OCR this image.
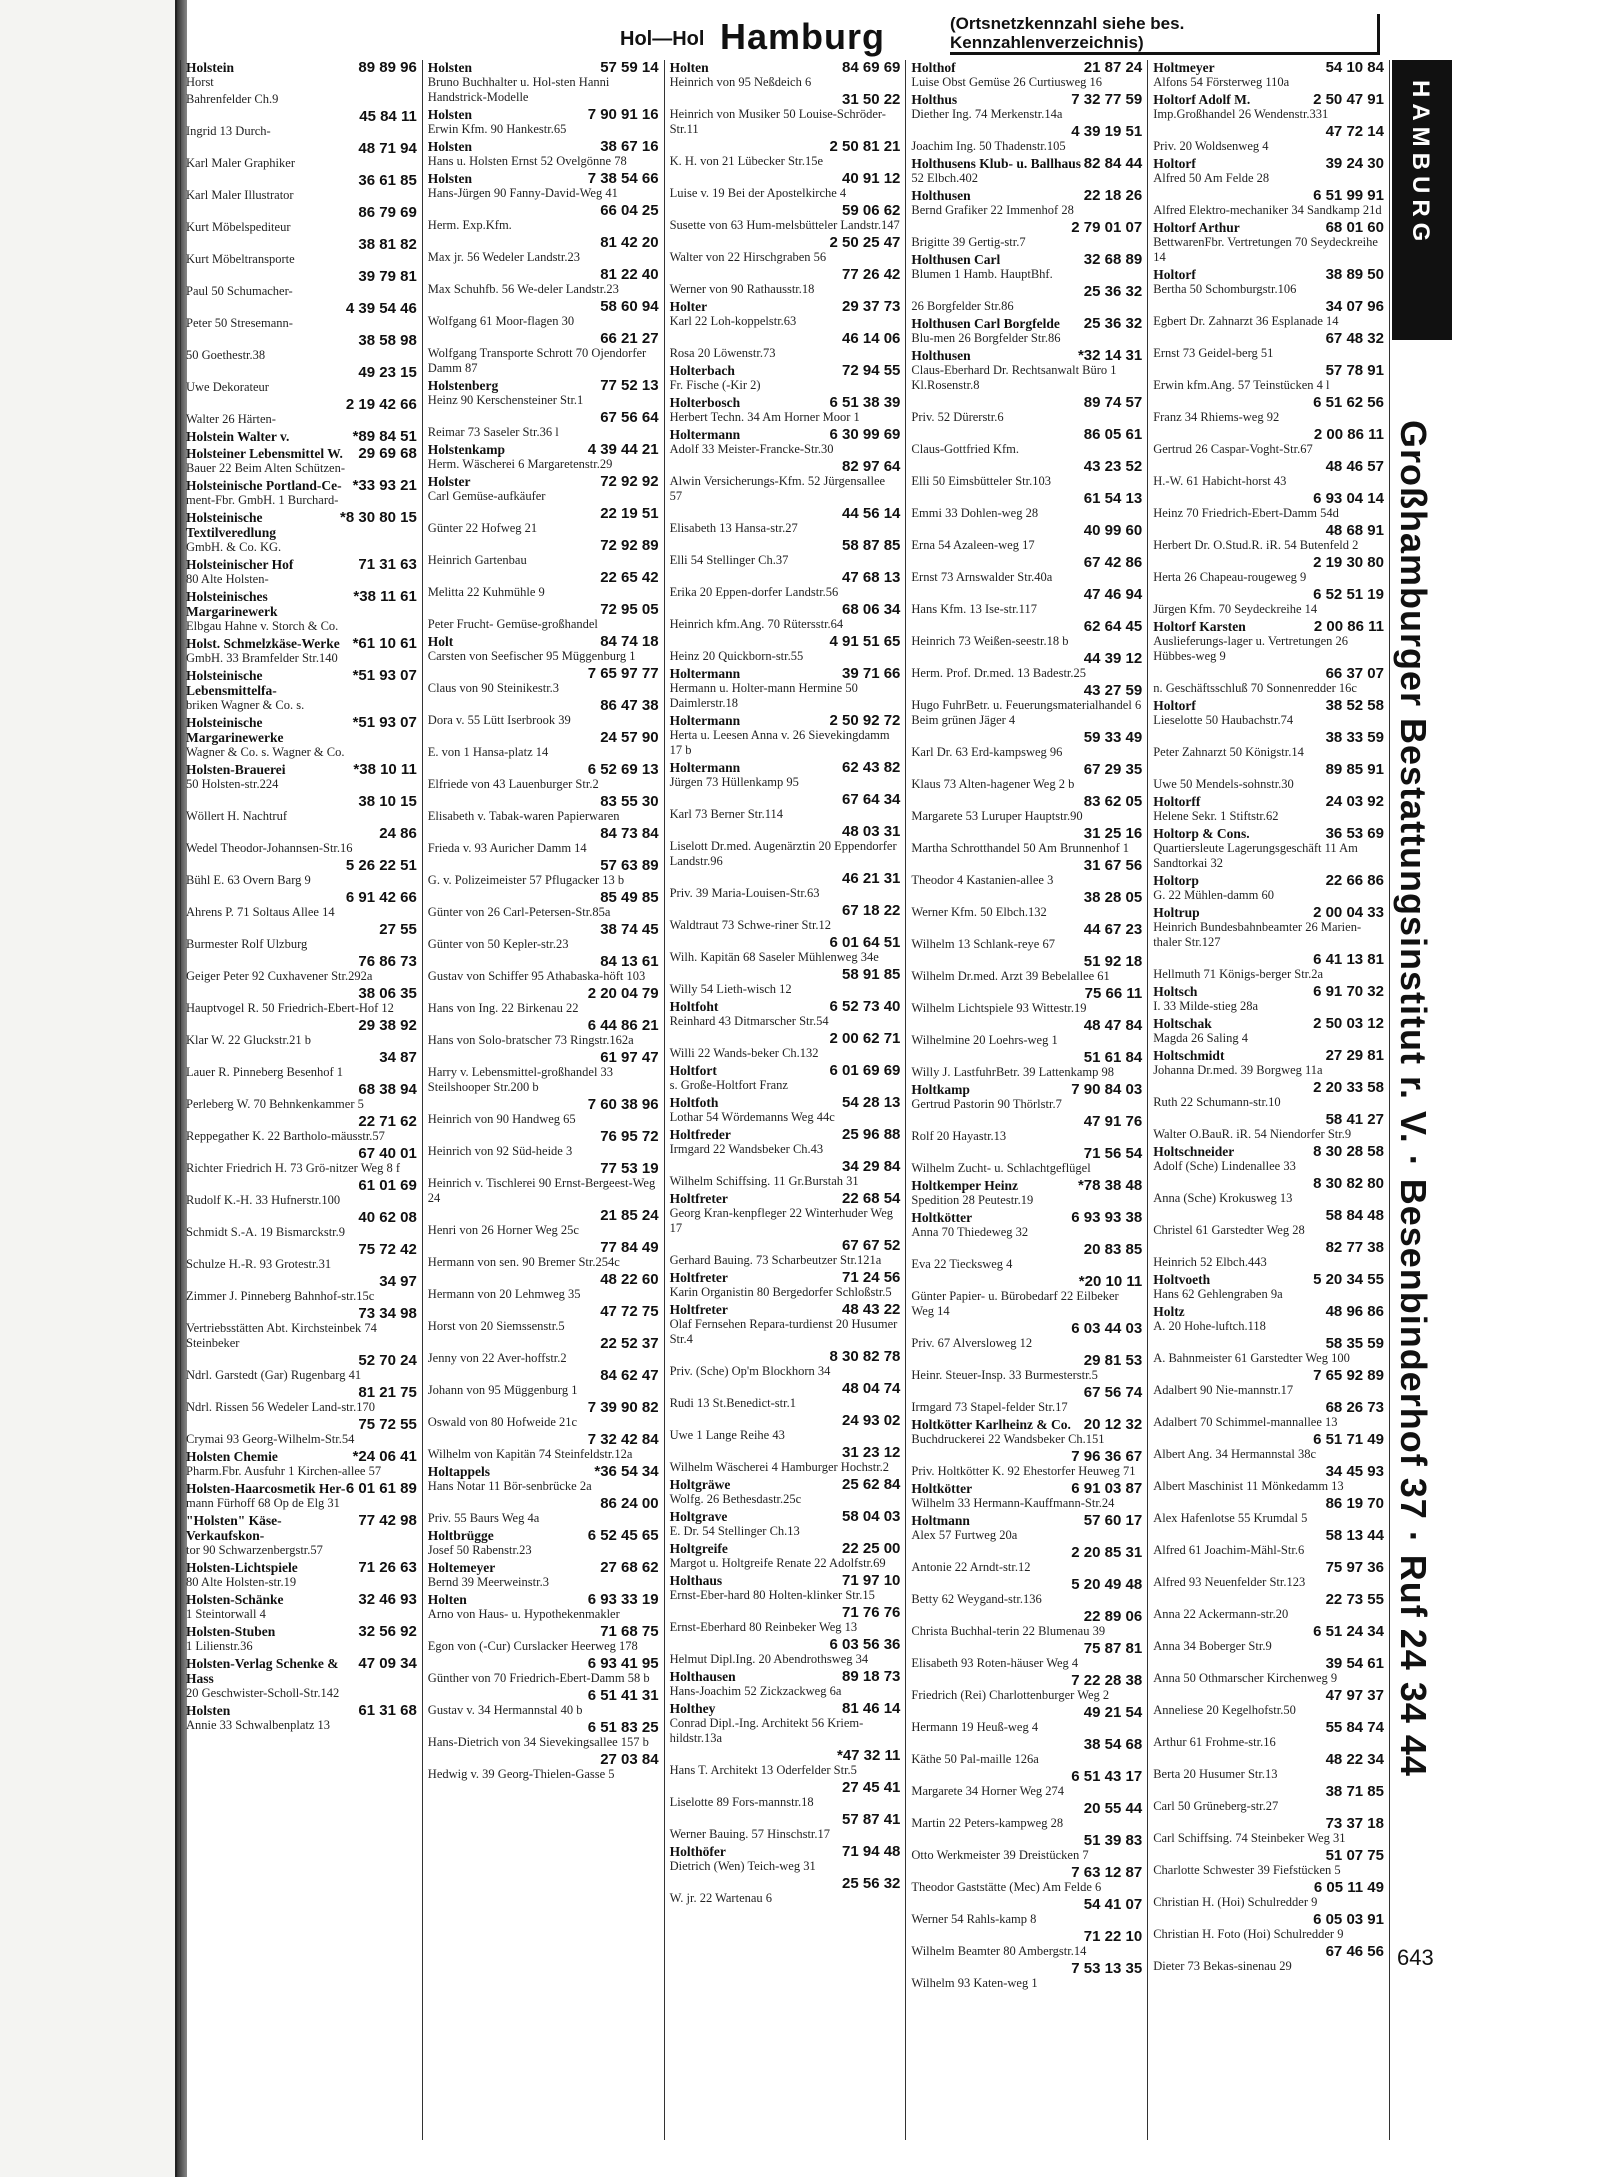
Hol—Hol Hamburg	(Ortsnetzkennzahl siehe bes. Kennzahlenverzeichnis)
89 89 96
Holstein
Horst
Bahrenfelder Ch.9
45 84 11
Ingrid 13 Durch-
48 71 94
Karl Maler Graphiker
36 61 85
Karl Maler Illustrator
86 79 69
Kurt Möbelspediteur
38 81 82
Kurt Möbeltransporte
39 79 81
Paul 50 Schumacher-
4 39 54 46
Peter 50 Stresemann-
38 58 98
50 Goethestr.38
49 23 15
Uwe Dekorateur
2 19 42 66
Walter 26 Härten-
*89 84 51
Holstein Walter v.
29 69 68
Holsteiner Lebensmittel W.
Bauer 22 Beim Alten Schützen-
*33 93 21
Holsteinische Portland-Ce-
ment-Fbr. GmbH. 1 Burchard-
*8 30 80 15
Holsteinische Textilveredlung
GmbH. & Co. KG.
71 31 63
Holsteinischer Hof
80 Alte Holsten-
*38 11 61
Holsteinisches Margarinewerk
Elbgau Hahne v. Storch & Co.
*61 10 61
Holst. Schmelzkäse-Werke
GmbH. 33 Bramfelder Str.140
*51 93 07
Holsteinische Lebensmittelfa-
briken Wagner & Co. s.
*51 93 07
Holsteinische Margarinewerke
Wagner & Co. s. Wagner & Co.
*38 10 11
Holsten-Brauerei
50 Holsten-str.224
38 10 15
Wöllert H. Nachtruf
24 86
Wedel Theodor-Johannsen-Str.16
5 26 22 51
Bühl E. 63 Overn Barg 9
6 91 42 66
Ahrens P. 71 Soltaus Allee 14
27 55
Burmester Rolf Ulzburg
76 86 73
Geiger Peter 92 Cuxhavener Str.292a
38 06 35
Hauptvogel R. 50 Friedrich-Ebert-Hof 12
29 38 92
Klar W. 22 Gluckstr.21 b
34 87
Lauer R. Pinneberg Besenhof 1
68 38 94
Perleberg W. 70 Behnkenkammer 5
22 71 62
Reppegather K. 22 Bartholo-mäusstr.57
67 40 01
Richter Friedrich H. 73 Grö-nitzer Weg 8 f
61 01 69
Rudolf K.-H. 33 Hufnerstr.100
40 62 08
Schmidt S.-A. 19 Bismarckstr.9
75 72 42
Schulze H.-R. 93 Grotestr.31
34 97
Zimmer J. Pinneberg Bahnhof-str.15c
73 34 98
Vertriebsstätten Abt. Kirchsteinbek 74 Steinbeker
52 70 24
Ndrl. Garstedt (Gar) Rugenbarg 41
81 21 75
Ndrl. Rissen 56 Wedeler Land-str.170
75 72 55
Crymai 93 Georg-Wilhelm-Str.54
*24 06 41
Holsten Chemie
Pharm.Fbr. Ausfuhr 1 Kirchen-allee 57
6 01 61 89
Holsten-Haarcosmetik Her-
mann Fürhoff 68 Op de Elg 31
77 42 98
"Holsten" Käse-Verkaufskon-
tor 90 Schwarzenbergstr.57
71 26 63
Holsten-Lichtspiele
80 Alte Holsten-str.19
32 46 93
Holsten-Schänke
1 Steintorwall 4
32 56 92
Holsten-Stuben
1 Lilienstr.36
47 09 34
Holsten-Verlag Schenke & Hass
20 Geschwister-Scholl-Str.142
61 31 68
Holsten
Annie 33 Schwalbenplatz 13
57 59 14
Holsten
Bruno Buchhalter u. Hol-sten Hanni Handstrick-Modelle
7 90 91 16
Holsten
Erwin Kfm. 90 Hankestr.65
38 67 16
Holsten
Hans u. Holsten Ernst 52 Ovelgönne 78
7 38 54 66
Holsten
Hans-Jürgen 90 Fanny-David-Weg 41
66 04 25
Herm. Exp.Kfm.
81 42 20
Max jr. 56 Wedeler Landstr.23
81 22 40
Max Schuhfb. 56 We-deler Landstr.23
58 60 94
Wolfgang 61 Moor-flagen 30
66 21 27
Wolfgang Transporte Schrott 70 Ojendorfer Damm 87
77 52 13
Holstenberg
Heinz 90 Kerschensteiner Str.1
67 56 64
Reimar 73 Saseler Str.36 l
4 39 44 21
Holstenkamp
Herm. Wäscherei 6 Margaretenstr.29
72 92 92
Holster
Carl Gemüse-aufkäufer
22 19 51
Günter 22 Hofweg 21
72 92 89
Heinrich Gartenbau
22 65 42
Melitta 22 Kuhmühle 9
72 95 05
Peter Frucht- Gemüse-großhandel
84 74 18
Holt
Carsten von Seefischer 95 Müggenburg 1
7 65 97 77
Claus von 90 Steinikestr.3
86 47 38
Dora v. 55 Lütt Iserbrook 39
24 57 90
E. von 1 Hansa-platz 14
6 52 69 13
Elfriede von 43 Lauenburger Str.2
83 55 30
Elisabeth v. Tabak-waren Papierwaren
84 73 84
Frieda v. 93 Auricher Damm 14
57 63 89
G. v. Polizeimeister 57 Pflugacker 13 b
85 49 85
Günter von 26 Carl-Petersen-Str.85a
38 74 45
Günter von 50 Kepler-str.23
84 13 61
Gustav von Schiffer 95 Athabaska-höft 103
2 20 04 79
Hans von Ing. 22 Birkenau 22
6 44 86 21
Hans von Solo-bratscher 73 Ringstr.162a
61 97 47
Harry v. Lebensmittel-großhandel 33 Steilshooper Str.200 b
7 60 38 96
Heinrich von 90 Handweg 65
76 95 72
Heinrich von 92 Süd-heide 3
77 53 19
Heinrich v. Tischlerei 90 Ernst-Bergeest-Weg 24
21 85 24
Henri von 26 Horner Weg 25c
77 84 49
Hermann von sen. 90 Bremer Str.254c
48 22 60
Hermann von 20 Lehmweg 35
47 72 75
Horst von 20 Siemssenstr.5
22 52 37
Jenny von 22 Aver-hoffstr.2
84 62 47
Johann von 95 Müggenburg 1
7 39 90 82
Oswald von 80 Hofweide 21c
7 32 42 84
Wilhelm von Kapitän 74 Steinfeldstr.12a
*36 54 34
Holtappels
Hans Notar 11 Bör-senbrücke 2a
86 24 00
Priv. 55 Baurs Weg 4a
6 52 45 65
Holtbrügge
Josef 50 Rabenstr.23
27 68 62
Holtemeyer
Bernd 39 Meerweinstr.3
6 93 33 19
Holten
Arno von Haus- u. Hypothekenmakler
71 68 75
Egon von (-Cur) Curslacker Heerweg 178
6 93 41 95
Günther von 70 Friedrich-Ebert-Damm 58 b
6 51 41 31
Gustav v. 34 Hermannstal 40 b
6 51 83 25
Hans-Dietrich von 34 Sievekingsallee 157 b
27 03 84
Hedwig v. 39 Georg-Thielen-Gasse 5
84 69 69
Holten
Heinrich von 95 Neßdeich 6
31 50 22
Heinrich von Musiker 50 Louise-Schröder-Str.11
2 50 81 21
K. H. von 21 Lübecker Str.15e
40 91 12
Luise v. 19 Bei der Apostelkirche 4
59 06 62
Susette von 63 Hum-melsbütteler Landstr.147
2 50 25 47
Walter von 22 Hirschgraben 56
77 26 42
Werner von 90 Rathausstr.18
29 37 73
Holter
Karl 22 Loh-koppelstr.63
46 14 06
Rosa 20 Löwenstr.73
72 94 55
Holterbach
Fr. Fische (-Kir 2)
6 51 38 39
Holterbosch
Herbert Techn. 34 Am Horner Moor 1
6 30 99 69
Holtermann
Adolf 33 Meister-Francke-Str.30
82 97 64
Alwin Versicherungs-Kfm. 52 Jürgensallee 57
44 56 14
Elisabeth 13 Hansa-str.27
58 87 85
Elli 54 Stellinger Ch.37
47 68 13
Erika 20 Eppen-dorfer Landstr.56
68 06 34
Heinrich kfm.Ang. 70 Rütersstr.64
4 91 51 65
Heinz 20 Quickborn-str.55
39 71 66
Holtermann
Hermann u. Holter-mann Hermine 50 Daimlerstr.18
2 50 92 72
Holtermann
Herta u. Leesen Anna v. 26 Sievekingdamm 17 b
62 43 82
Holtermann
Jürgen 73 Hüllenkamp 95
67 64 34
Karl 73 Berner Str.114
48 03 31
Liselott Dr.med. Augenärztin 20 Eppendorfer Landstr.96
46 21 31
Priv. 39 Maria-Louisen-Str.63
67 18 22
Waldtraut 73 Schwe-riner Str.12
6 01 64 51
Wilh. Kapitän 68 Saseler Mühlenweg 34e
58 91 85
Willy 54 Lieth-wisch 12
6 52 73 40
Holtfoht
Reinhard 43 Ditmarscher Str.54
2 00 62 71
Willi 22 Wands-beker Ch.132
6 01 69 69
Holtfort
s. Große-Holtfort Franz
54 28 13
Holtfoth
Lothar 54 Wördemanns Weg 44c
25 96 88
Holtfreder
Irmgard 22 Wandsbeker Ch.43
34 29 84
Wilhelm Schiffsing. 11 Gr.Burstah 31
22 68 54
Holtfreter
Georg Kran-kenpfleger 22 Winterhuder Weg 17
67 67 52
Gerhard Bauing. 73 Scharbeutzer Str.121a
71 24 56
Holtfreter
Karin Organistin 80 Bergedorfer Schloßstr.5
48 43 22
Holtfreter
Olaf Fernsehen Repara-turdienst 20 Husumer Str.4
8 30 82 78
Priv. (Sche) Op'm Blockhorn 34
48 04 74
Rudi 13 St.Benedict-str.1
24 93 02
Uwe 1 Lange Reihe 43
31 23 12
Wilhelm Wäscherei 4 Hamburger Hochstr.2
25 62 84
Holtgräwe
Wolfg. 26 Bethesdastr.25c
58 04 03
Holtgrave
E. Dr. 54 Stellinger Ch.13
22 25 00
Holtgreife
Margot u. Holtgreife Renate 22 Adolfstr.69
71 97 10
Holthaus
Ernst-Eber-hard 80 Holten-klinker Str.15
71 76 76
Ernst-Eberhard 80 Reinbeker Weg 13
6 03 56 36
Helmut Dipl.Ing. 20 Abendrothsweg 34
89 18 73
Holthausen
Hans-Joachim 52 Zickzackweg 6a
81 46 14
Holthey
Conrad Dipl.-Ing. Architekt 56 Kriem-hildstr.13a
*47 32 11
Hans T. Architekt 13 Oderfelder Str.5
27 45 41
Liselotte 89 Fors-mannstr.18
57 87 41
Werner Bauing. 57 Hinschstr.17
71 94 48
Holthöfer
Dietrich (Wen) Teich-weg 31
25 56 32
W. jr. 22 Wartenau 6
21 87 24
Holthof
Luise Obst Gemüse 26 Curtiusweg 16
7 32 77 59
Holthus
Diether Ing. 74 Merkenstr.14a
4 39 19 51
Joachim Ing. 50 Thadenstr.105
82 84 44
Holthusens Klub- u. Ballhaus
52 Elbch.402
22 18 26
Holthusen
Bernd Grafiker 22 Immenhof 28
2 79 01 07
Brigitte 39 Gertig-str.7
32 68 89
Holthusen Carl
Blumen 1 Hamb. HauptBhf.
25 36 32
26 Borgfelder Str.86
25 36 32
Holthusen Carl Borgfelde
Blu-men 26 Borgfelder Str.86
*32 14 31
Holthusen
Claus-Eberhard Dr. Rechtsanwalt Büro 1 Kl.Rosenstr.8
89 74 57
Priv. 52 Dürerstr.6
86 05 61
Claus-Gottfried Kfm.
43 23 52
Elli 50 Eimsbütteler Str.103
61 54 13
Emmi 33 Dohlen-weg 28
40 99 60
Erna 54 Azaleen-weg 17
67 42 86
Ernst 73 Arnswalder Str.40a
47 46 94
Hans Kfm. 13 Ise-str.117
62 64 45
Heinrich 73 Weißen-seestr.18 b
44 39 12
Herm. Prof. Dr.med. 13 Badestr.25
43 27 59
Hugo FuhrBetr. u. Feuerungsmaterialhandel 6 Beim grünen Jäger 4
59 33 49
Karl Dr. 63 Erd-kampsweg 96
67 29 35
Klaus 73 Alten-hagener Weg 2 b
83 62 05
Margarete 53 Luruper Hauptstr.90
31 25 16
Martha Schrotthandel 50 Am Brunnenhof 1
31 67 56
Theodor 4 Kastanien-allee 3
38 28 05
Werner Kfm. 50 Elbch.132
44 67 23
Wilhelm 13 Schlank-reye 67
51 92 18
Wilhelm Dr.med. Arzt 39 Bebelallee 61
75 66 11
Wilhelm Lichtspiele 93 Wittestr.19
48 47 84
Wilhelmine 20 Loehrs-weg 1
51 61 84
Willy J. LastfuhrBetr. 39 Lattenkamp 98
7 90 84 03
Holtkamp
Gertrud Pastorin 90 Thörlstr.7
47 91 76
Rolf 20 Hayastr.13
71 56 54
Wilhelm Zucht- u. Schlachtgeflügel
*78 38 48
Holtkemper Heinz
Spedition 28 Peutestr.19
6 93 93 38
Holtkötter
Anna 70 Thiedeweg 32
20 83 85
Eva 22 Tiecksweg 4
*20 10 11
Günter Papier- u. Bürobedarf 22 Eilbeker Weg 14
6 03 44 03
Priv. 67 Alversloweg 12
29 81 53
Heinr. Steuer-Insp. 33 Burmesterstr.5
67 56 74
Irmgard 73 Stapel-felder Str.17
20 12 32
Holtkötter Karlheinz & Co.
Buchdruckerei 22 Wandsbeker Ch.151
7 96 36 67
Priv. Holtkötter K. 92 Ehestorfer Heuweg 71
6 91 03 87
Holtkötter
Wilhelm 33 Hermann-Kauffmann-Str.24
57 60 17
Holtmann
Alex 57 Furtweg 20a
2 20 85 31
Antonie 22 Arndt-str.12
5 20 49 48
Betty 62 Weygand-str.136
22 89 06
Christa Buchhal-terin 22 Blumenau 39
75 87 81
Elisabeth 93 Roten-häuser Weg 4
7 22 28 38
Friedrich (Rei) Charlottenburger Weg 2
49 21 54
Hermann 19 Heuß-weg 4
38 54 68
Käthe 50 Pal-maille 126a
6 51 43 17
Margarete 34 Horner Weg 274
20 55 44
Martin 22 Peters-kampweg 28
51 39 83
Otto Werkmeister 39 Dreistücken 7
7 63 12 87
Theodor Gaststätte (Mec) Am Felde 6
54 41 07
Werner 54 Rahls-kamp 8
71 22 10
Wilhelm Beamter 80 Ambergstr.14
7 53 13 35
Wilhelm 93 Katen-weg 1
54 10 84
Holtmeyer
Alfons 54 Försterweg 110a
2 50 47 91
Holtorf Adolf M.
Imp.Großhandel 26 Wendenstr.331
47 72 14
Priv. 20 Woldsenweg 4
39 24 30
Holtorf
Alfred 50 Am Felde 28
6 51 99 91
Alfred Elektro-mechaniker 34 Sandkamp 21d
68 01 60
Holtorf Arthur
BettwarenFbr. Vertretungen 70 Seydeckreihe 14
38 89 50
Holtorf
Bertha 50 Schomburgstr.106
34 07 96
Egbert Dr. Zahnarzt 36 Esplanade 14
67 48 32
Ernst 73 Geidel-berg 51
57 78 91
Erwin kfm.Ang. 57 Teinstücken 4 l
6 51 62 56
Franz 34 Rhiems-weg 92
2 00 86 11
Gertrud 26 Caspar-Voght-Str.67
48 46 57
H.-W. 61 Habicht-horst 43
6 93 04 14
Heinz 70 Friedrich-Ebert-Damm 54d
48 68 91
Herbert Dr. O.Stud.R. iR. 54 Butenfeld 2
2 19 30 80
Herta 26 Chapeau-rougeweg 9
6 52 51 19
Jürgen Kfm. 70 Seydeckreihe 14
2 00 86 11
Holtorf Karsten
Auslieferungs-lager u. Vertretungen 26 Hübbes-weg 9
66 37 07
n. Geschäftsschluß 70 Sonnenredder 16c
38 52 58
Holtorf
Lieselotte 50 Haubachstr.74
38 33 59
Peter Zahnarzt 50 Königstr.14
89 85 91
Uwe 50 Mendels-sohnstr.30
24 03 92
Holtorff
Helene Sekr. 1 Stiftstr.62
36 53 69
Holtorp & Cons.
Quartiersleute Lagerungsgeschäft 11 Am Sandtorkai 32
22 66 86
Holtorp
G. 22 Mühlen-damm 60
2 00 04 33
Holtrup
Heinrich Bundesbahnbeamter 26 Marien-thaler Str.127
6 41 13 81
Hellmuth 71 Königs-berger Str.2a
6 91 70 32
Holtsch
I. 33 Milde-stieg 28a
2 50 03 12
Holtschak
Magda 26 Saling 4
27 29 81
Holtschmidt
Johanna Dr.med. 39 Borgweg 11a
2 20 33 58
Ruth 22 Schumann-str.10
58 41 27
Walter O.BauR. iR. 54 Niendorfer Str.9
8 30 28 58
Holtschneider
Adolf (Sche) Lindenallee 33
8 30 82 80
Anna (Sche) Krokusweg 13
58 84 48
Christel 61 Garstedter Weg 28
82 77 38
Heinrich 52 Elbch.443
5 20 34 55
Holtvoeth
Hans 62 Gehlengraben 9a
48 96 86
Holtz
A. 20 Hohe-luftch.118
58 35 59
A. Bahnmeister 61 Garstedter Weg 100
7 65 92 89
Adalbert 90 Nie-mannstr.17
68 26 73
Adalbert 70 Schimmel-mannallee 13
6 51 71 49
Albert Ang. 34 Hermannstal 38c
34 45 93
Albert Maschinist 11 Mönkedamm 13
86 19 70
Alex Hafenlotse 55 Krumdal 5
58 13 44
Alfred 61 Joachim-Mähl-Str.6
75 97 36
Alfred 93 Neuenfelder Str.123
22 73 55
Anna 22 Ackermann-str.20
6 51 24 34
Anna 34 Boberger Str.9
39 54 61
Anna 50 Othmarscher Kirchenweg 9
47 97 37
Anneliese 20 Kegelhofstr.50
55 84 74
Arthur 61 Frohme-str.16
48 22 34
Berta 20 Husumer Str.13
38 71 85
Carl 50 Grüneberg-str.27
73 37 18
Carl Schiffsing. 74 Steinbeker Weg 31
51 07 75
Charlotte Schwester 39 Fiefstücken 5
6 05 11 49
Christian H. (Hoi) Schulredder 9
6 05 03 91
Christian H. Foto (Hoi) Schulredder 9
67 46 56
Dieter 73 Bekas-sinenau 29
HAMBURG
Großhamburger Bestattungsinstitut r. V. · Besenbinderhof 37 · Ruf 24 34 44
643
